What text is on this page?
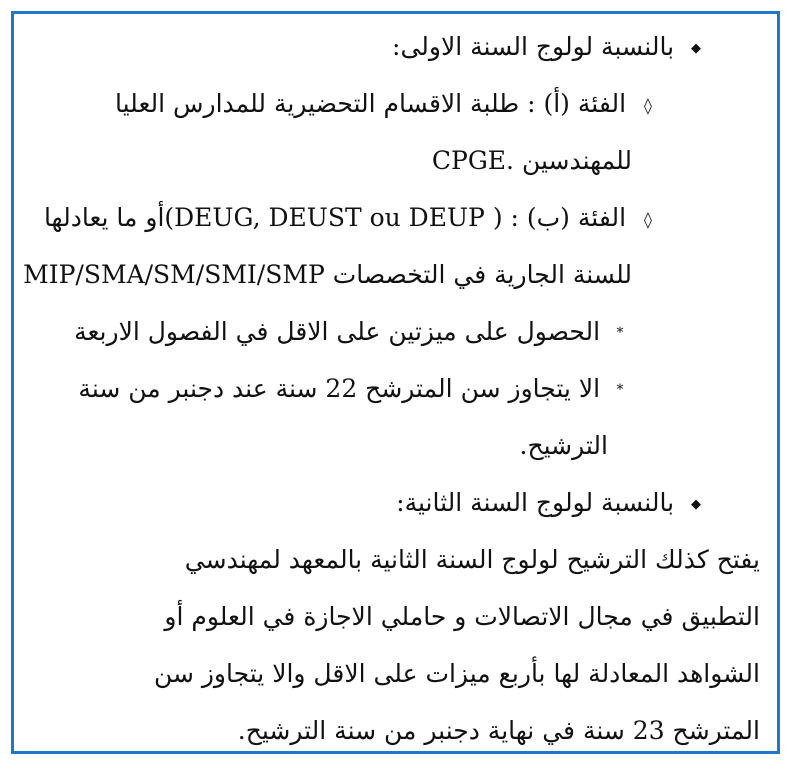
◆ بالنسبة لولوج السنة الاولى:
◊ الفئة (أ) : طلبة الاقسام التحضيرية للمدارس العليا
للمهندسين .CPGE
◊ الفئة (ب) : ( DEUG, DEUST ou DEUP)أو ما يعادلها
للسنة الجارية في التخصصات MIP/SMA/SM/SMI/SMP
* الحصول على ميزتين على الاقل في الفصول الاربعة
* الا يتجاوز سن المترشح 22 سنة عند دجنبر من سنة
الترشيح.
◆ بالنسبة لولوج السنة الثانية:
يفتح كذلك الترشيح لولوج السنة الثانية بالمعهد لمهندسي
التطبيق في مجال الاتصالات و حاملي الاجازة في العلوم أو
الشواهد المعادلة لها بأربع ميزات على الاقل والا يتجاوز سن
المترشح 23 سنة في نهاية دجنبر من سنة الترشيح.
